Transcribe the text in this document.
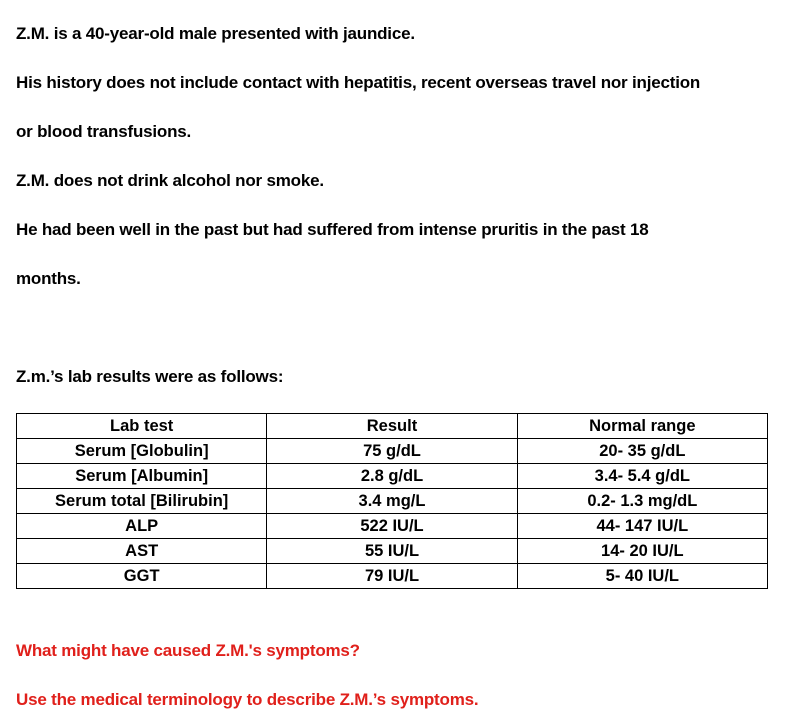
Z.M. is a 40-year-old male presented with jaundice.
His history does not include contact with hepatitis, recent overseas travel nor injection
or blood transfusions.
Z.M. does not drink alcohol nor smoke.
He had been well in the past but had suffered from intense pruritis in the past 18
months.
Z.m.’s lab results were as follows:
Lab test	Result	Normal range
Serum [Globulin]	75 g/dL	20- 35 g/dL
Serum [Albumin]	2.8 g/dL	3.4- 5.4 g/dL
Serum total [Bilirubin]	3.4 mg/L	0.2- 1.3 mg/dL
ALP	522 IU/L	44- 147 IU/L
AST	55 IU/L	14- 20 IU/L
GGT	79 IU/L	5- 40 IU/L
What might have caused Z.M.'s symptoms?
Use the medical terminology to describe Z.M.’s symptoms.
